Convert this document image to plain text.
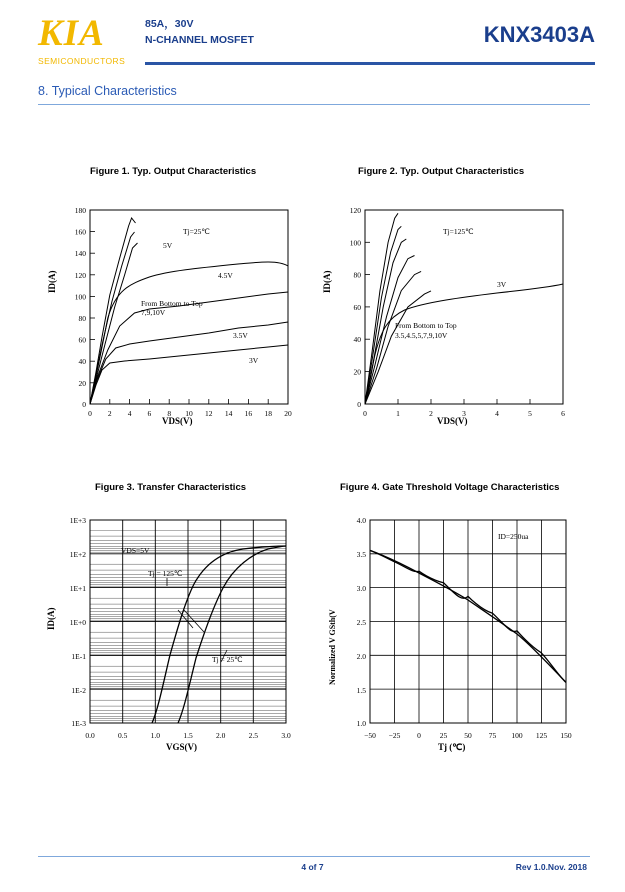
KIA
SEMICONDUCTORS
85A，30V
N-CHANNEL MOSFET	KNX3403A
8. Typical Characteristics
Figure 1. Typ. Output Characteristics
180
160
140
120
100
80
60
40
20
0
0 2 4 6 8 10 12 14 16 18 20
Tj=25℃
5V
4.5V
From Bottom to Top
7,9,10V
3.5V
3V
ID(A)
VDS(V)
Figure 2. Typ. Output Characteristics
120
100
80
60
40
20
0
0	1	2	3	4	5	6
Tj=125℃
3V
From Bottom to Top
3.5,4.5,5,7,9,10V
ID(A)
VDS(V)
Figure 3. Transfer Characteristics
1E+3
1E+2
1E+1
1E+0
1E-1
1E-2
1E-3
0.0	0.5	1.0	1.5	2.0	2.5	3.0
VDS=5V
Tj = 125℃
Tj = 25℃
ID(A)
VGS(V)
Figure 4. Gate Threshold Voltage Characteristics
4.0
3.5
3.0
2.5
2.0
1.5
1.0
−50 −25 0	25 50 75 100 125 150
ID=250uа
Normalized V GSth(V
Tj (℃)
4 of 7	Rev 1.0.Nov. 2018
